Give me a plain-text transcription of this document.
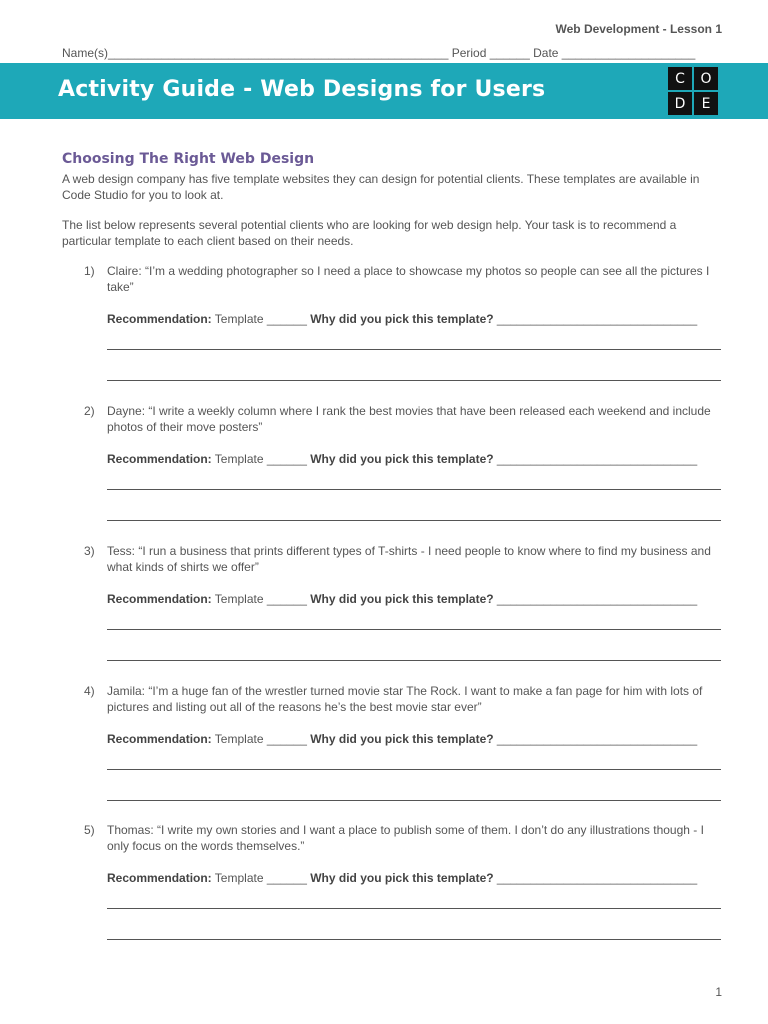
Web Development - Lesson 1
Name(s)___________________________________________________ Period ______ Date ____________________
Activity Guide - Web Designs for Users	C	O
D	E
Choosing The Right Web Design
A web design company has five template websites they can design for potential clients. These templates are available in Code Studio for you to look at.
The list below represents several potential clients who are looking for web design help. Your task is to recommend a particular template to each client based on their needs.
1) Claire: “I’m a wedding photographer so I need a place to showcase my photos so people can see all the pictures I take”
Recommendation: Template ______ Why did you pick this template? ______________________________
2) Dayne: “I write a weekly column where I rank the best movies that have been released each weekend and include photos of their move posters”
Recommendation: Template ______ Why did you pick this template? ______________________________
3) Tess: “I run a business that prints different types of T-shirts - I need people to know where to find my business and what kinds of shirts we offer”
Recommendation: Template ______ Why did you pick this template? ______________________________
4) Jamila: “I’m a huge fan of the wrestler turned movie star The Rock. I want to make a fan page for him with lots of pictures and listing out all of the reasons he’s the best movie star ever”
Recommendation: Template ______ Why did you pick this template? ______________________________
5) Thomas: “I write my own stories and I want a place to publish some of them. I don’t do any illustrations though - I only focus on the words themselves.”
Recommendation: Template ______ Why did you pick this template? ______________________________
1
